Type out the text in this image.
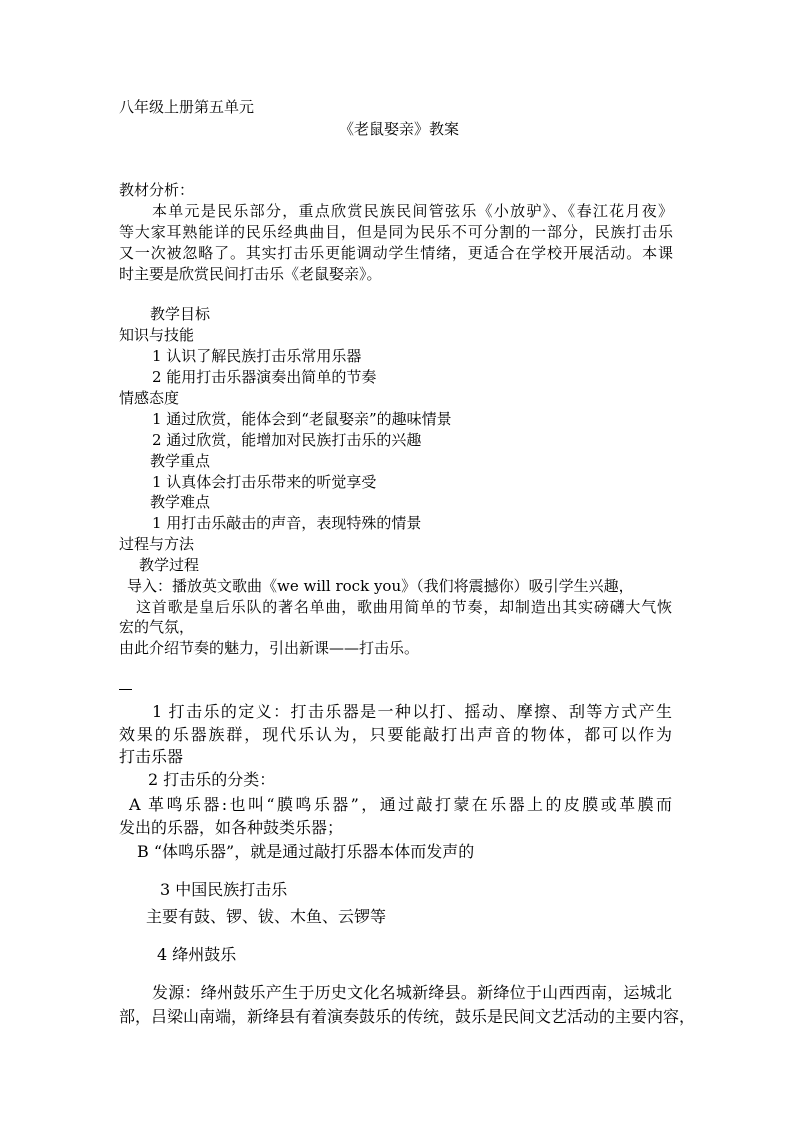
八年级上册第五单元
《老鼠娶亲》教案
教材分析：
本单元是民乐部分，重点欣赏民族民间管弦乐《小放驴》、《春江花月夜》
等大家耳熟能详的民乐经典曲目，但是同为民乐不可分割的一部分，民族打击乐
又一次被忽略了。其实打击乐更能调动学生情绪，更适合在学校开展活动。本课
时主要是欣赏民间打击乐《老鼠娶亲》。
教学目标
知识与技能
1 认识了解民族打击乐常用乐器
2 能用打击乐器演奏出简单的节奏
情感态度
1 通过欣赏，能体会到“老鼠娶亲”的趣味情景
2 通过欣赏，能增加对民族打击乐的兴趣
教学重点
1 认真体会打击乐带来的听觉享受
教学难点
1 用打击乐敲击的声音，表现特殊的情景
过程与方法
教学过程
导入：播放英文歌曲《we will rock you》（我们将震撼你）吸引学生兴趣，
这首歌是皇后乐队的著名单曲，歌曲用简单的节奏，却制造出其实磅礴大气恢
宏的气氛，
由此介绍节奏的魅力，引出新课——打击乐。
1 打击乐的定义：打击乐器是一种以打、摇动、摩擦、刮等方式产生
效果的乐器族群，现代乐认为，只要能敲打出声音的物体，都可以作为
打击乐器
2 打击乐的分类：
A 革鸣乐器:也叫“膜鸣乐器”，通过敲打蒙在乐器上的皮膜或革膜而
发出的乐器，如各种鼓类乐器；
B “体鸣乐器”，就是通过敲打乐器本体而发声的
3 中国民族打击乐
主要有鼓、锣、钹、木鱼、云锣等
4 绛州鼓乐
发源：绛州鼓乐产生于历史文化名城新绛县。新绛位于山西西南，运城北
部，吕梁山南端，新绛县有着演奏鼓乐的传统，鼓乐是民间文艺活动的主要内容，
